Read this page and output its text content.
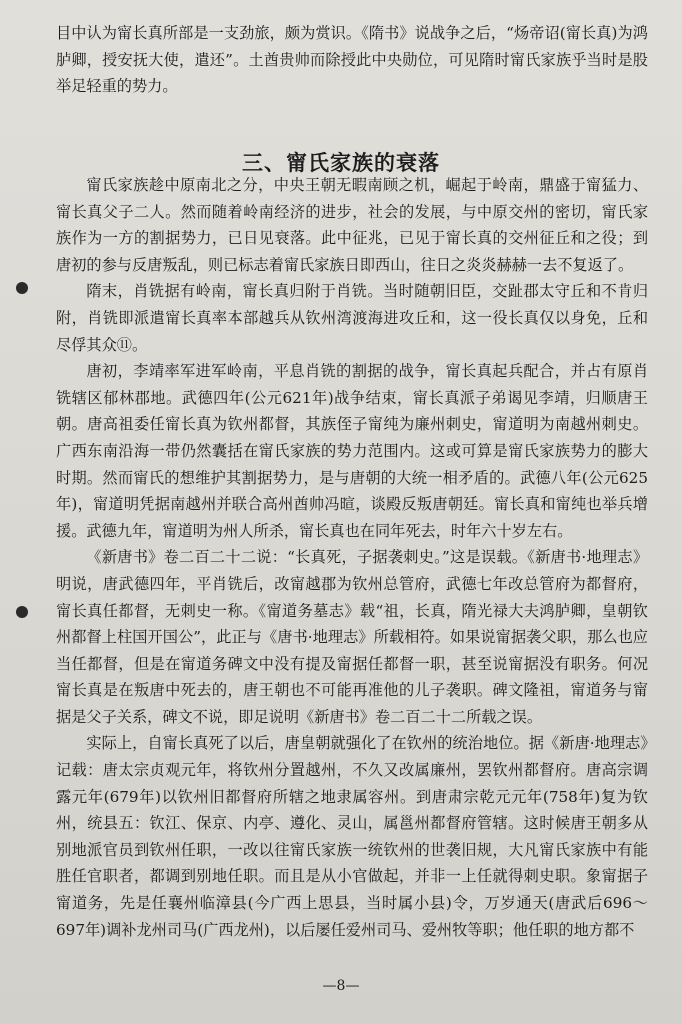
目中认为甯长真所部是一支劲旅，颇为赏识。《隋书》说战争之后，“炀帝诏(甯长真)为鸿胪卿，授安抚大使，遣还”。土酋贵帅而除授此中央勋位，可见隋时甯氏家族乎当时是股举足轻重的势力。

三、甯氏家族的衰落

甯氏家族趁中原南北之分，中央王朝无暇南顾之机，崛起于岭南，鼎盛于甯猛力、甯长真父子二人。然而随着岭南经济的进步，社会的发展，与中原交州的密切，甯氏家族作为一方的割据势力，已日见衰落。此中征兆，已见于甯长真的交州征丘和之役；到唐初的参与反唐叛乱，则已标志着甯氏家族日即西山，往日之炎炎赫赫一去不复返了。

隋末，肖铣据有岭南，甯长真归附于肖铣。当时随朝旧臣，交趾郡太守丘和不肯归附，肖铣即派遣甯长真率本部越兵从钦州湾渡海进攻丘和，这一役长真仅以身免，丘和尽俘其众⑪。

唐初，李靖率军进军岭南，平息肖铣的割据的战争，甯长真起兵配合，并占有原肖铣辖区郁林郡地。武德四年(公元621年)战争结束，甯长真派子弟谒见李靖，归顺唐王朝。唐高祖委任甯长真为钦州都督，其族侄子甯纯为廉州刺史，甯道明为南越州刺史。广西东南沿海一带仍然囊括在甯氏家族的势力范围内。这或可算是甯氏家族势力的膨大时期。然而甯氏的想维护其割据势力，是与唐朝的大统一相矛盾的。武德八年(公元625年)，甯道明凭据南越州并联合高州酋帅冯暄，谈殿反叛唐朝廷。甯长真和甯纯也举兵增援。武德九年，甯道明为州人所杀，甯长真也在同年死去，时年六十岁左右。

《新唐书》卷二百二十二说：“长真死，子据袭刺史。”这是误载。《新唐书·地理志》明说，唐武德四年，平肖铣后，改甯越郡为钦州总管府，武德七年改总管府为都督府，甯长真任都督，无刺史一称。《甯道务墓志》载“祖，长真，隋光禄大夫鸿胪卿，皇朝钦州都督上柱国开国公”，此正与《唐书·地理志》所载相符。如果说甯据袭父职，那么也应当任都督，但是在甯道务碑文中没有提及甯据任都督一职，甚至说甯据没有职务。何况甯长真是在叛唐中死去的，唐王朝也不可能再准他的儿子袭职。碑文隆祖，甯道务与甯据是父子关系，碑文不说，即足说明《新唐书》卷二百二十二所载之误。

实际上，自甯长真死了以后，唐皇朝就强化了在钦州的统治地位。据《新唐·地理志》记载：唐太宗贞观元年，将钦州分置越州，不久又改属廉州，罢钦州都督府。唐高宗调露元年(679年)以钦州旧都督府所辖之地隶属容州。到唐肃宗乾元元年(758年)复为钦州，统县五：钦江、保京、内亭、遵化、灵山，属邕州都督府管辖。这时候唐王朝多从别地派官员到钦州任职，一改以往甯氏家族一统钦州的世袭旧规，大凡甯氏家族中有能胜任官职者，都调到别地任职。而且是从小官做起，并非一上任就得刺史职。象甯据子甯道务，先是任襄州临漳县(今广西上思县，当时属小县)令，万岁通天(唐武后696～697年)调补龙州司马(广西龙州)，以后屡任爱州司马、爱州牧等职；他任职的地方都不

—8—
